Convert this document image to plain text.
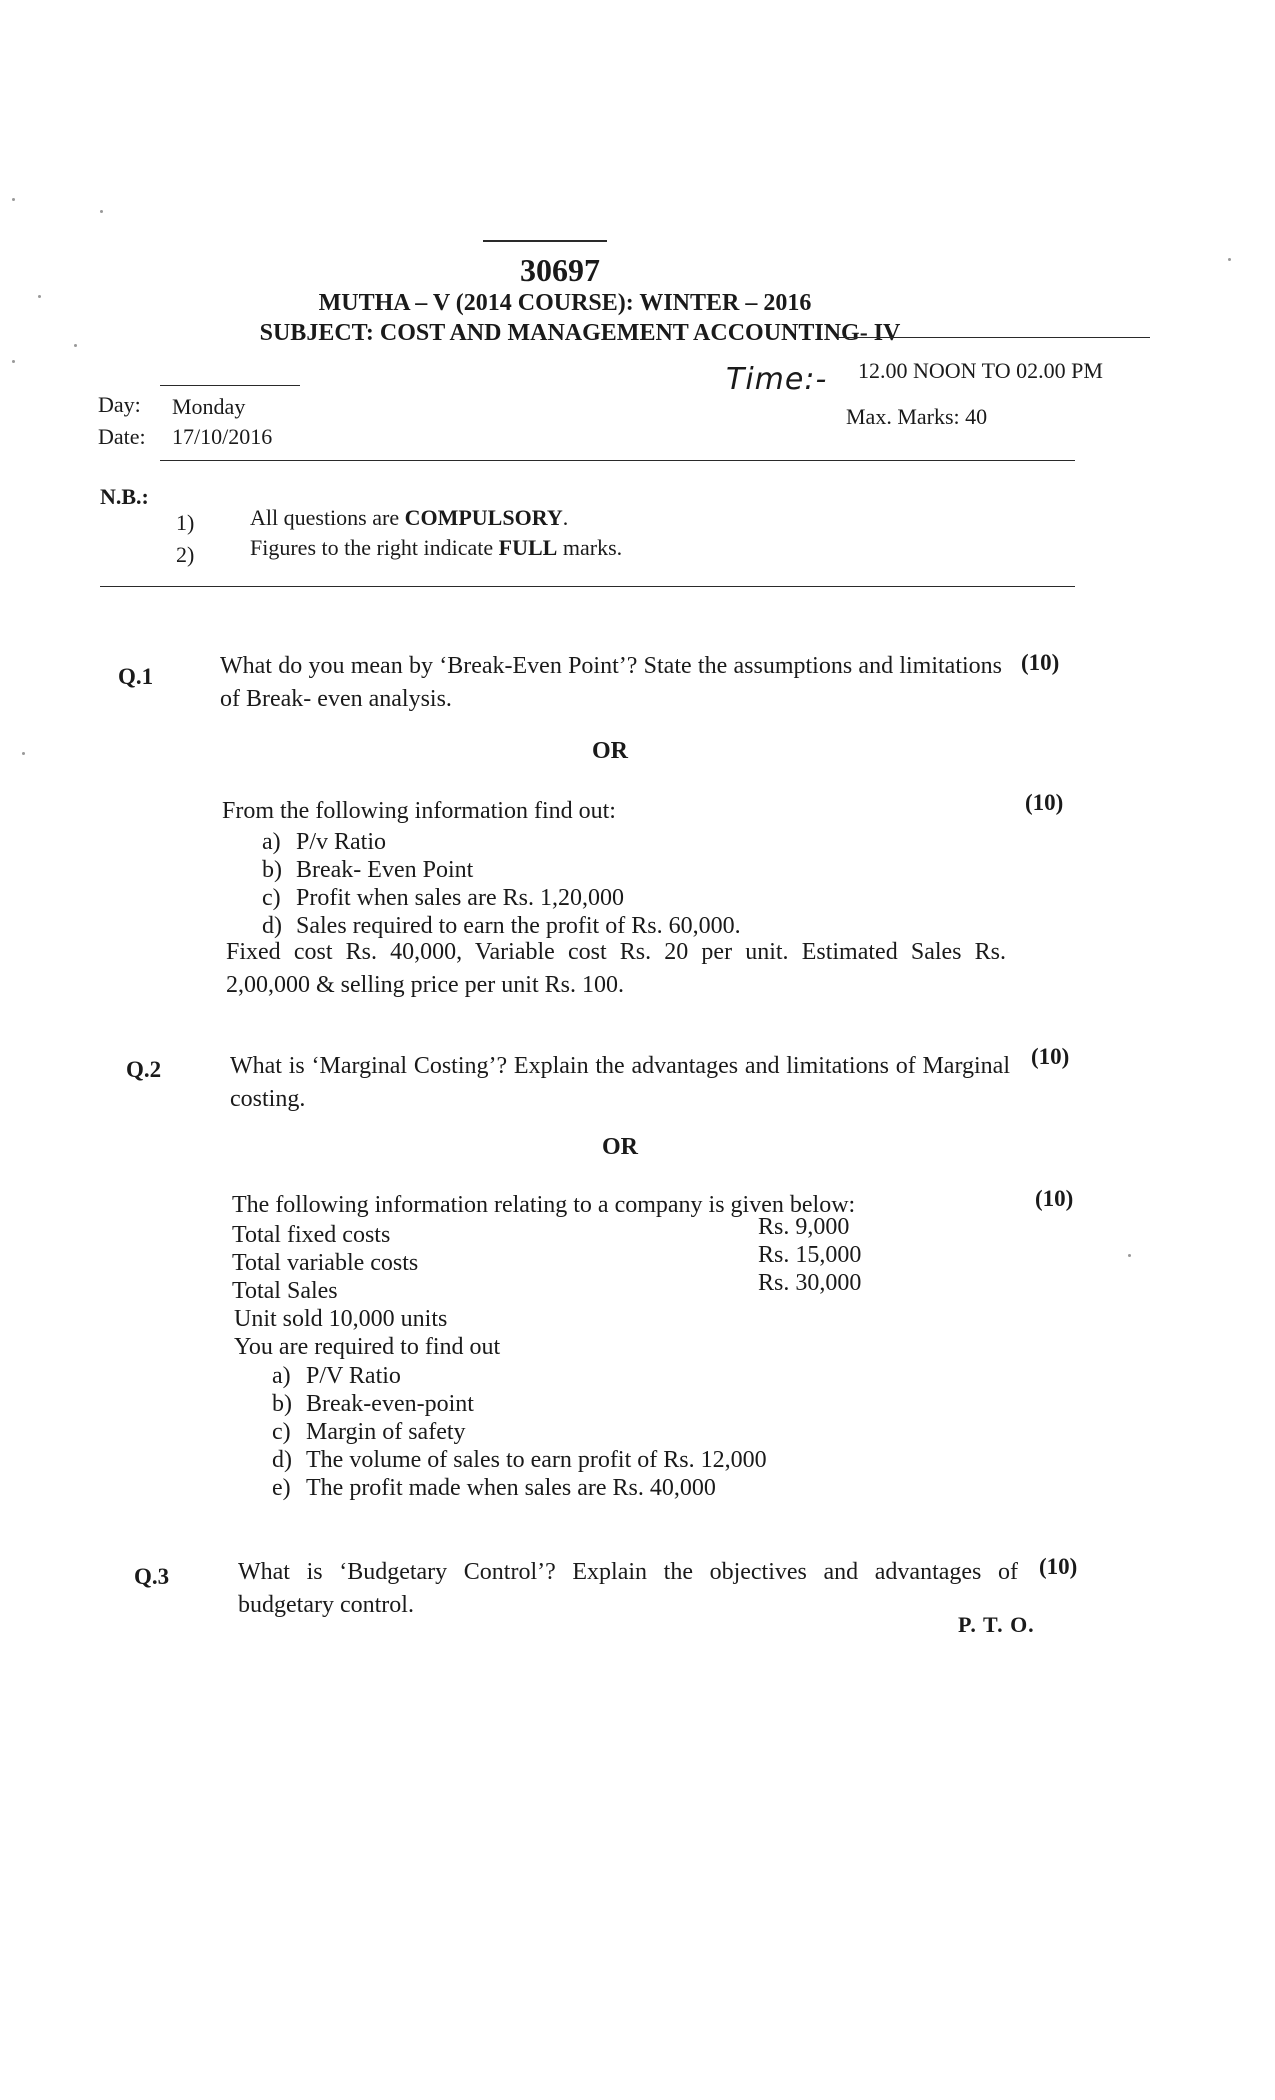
30697
MUTHA – V (2014 COURSE): WINTER – 2016
SUBJECT: COST AND MANAGEMENT ACCOUNTING- IV
Day: Monday
Date: 17/10/2016
Time:- 12.00 NOON TO 02.00 PM
Max. Marks: 40
N.B.:
1)	All questions are COMPULSORY.
2)	Figures to the right indicate FULL marks.
Q.1	What do you mean by ‘Break-Even Point’? State the assumptions and limitations of Break- even analysis.
(10)
OR
From the following information find out:	(10)
a) P/v Ratio
b) Break- Even Point
c) Profit when sales are Rs. 1,20,000
d) Sales required to earn the profit of Rs. 60,000.
Fixed cost Rs. 40,000, Variable cost Rs. 20 per unit. Estimated Sales Rs. 2,00,000 & selling price per unit Rs. 100.
Q.2	What is ‘Marginal Costing’? Explain the advantages and limitations of Marginal costing.
(10)
OR
The following information relating to a company is given below:	(10)
Total fixed costs	Rs. 9,000
Total variable costs	Rs. 15,000
Total Sales	Rs. 30,000
Unit sold 10,000 units
You are required to find out
a) P/V Ratio
b) Break-even-point
c) Margin of safety
d) The volume of sales to earn profit of Rs. 12,000
e) The profit made when sales are Rs. 40,000
Q.3	What is ‘Budgetary Control’? Explain the objectives and advantages of budgetary control.
(10)
P. T. O.
